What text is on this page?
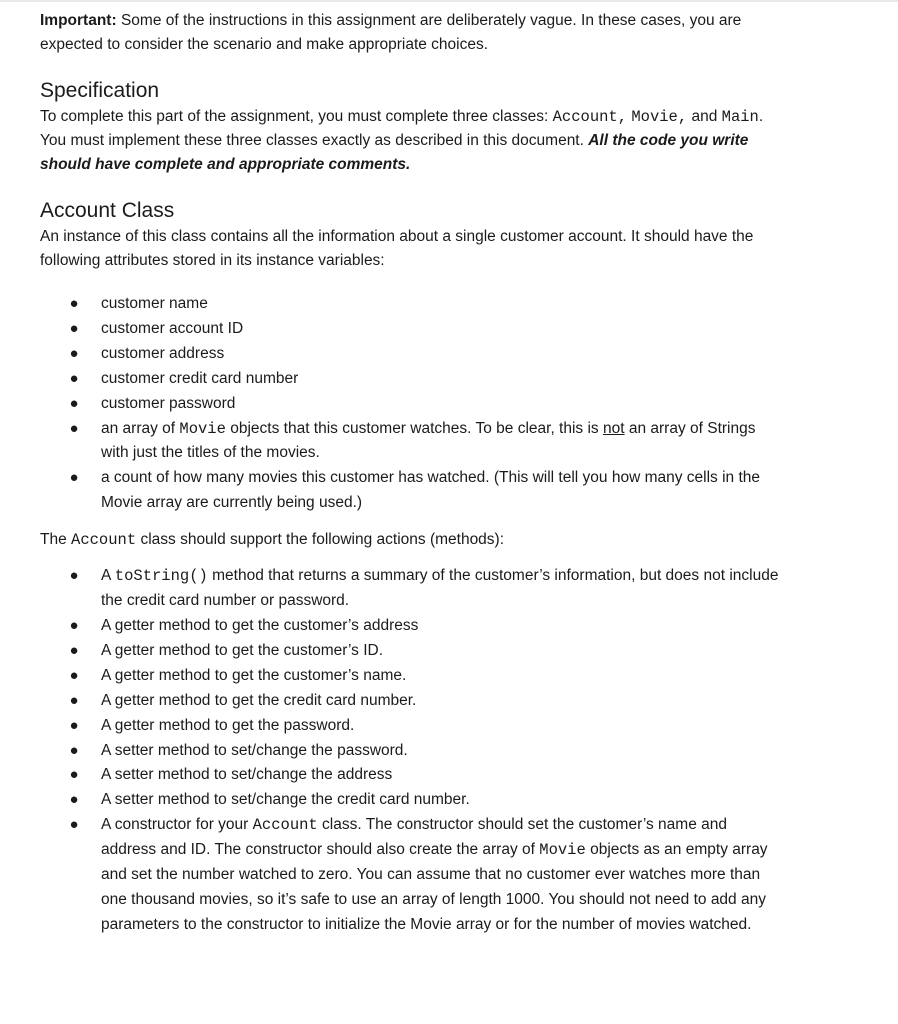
Important: Some of the instructions in this assignment are deliberately vague. In these cases, you are expected to consider the scenario and make appropriate choices.

Specification

To complete this part of the assignment, you must complete three classes: Account, Movie, and Main. You must implement these three classes exactly as described in this document. All the code you write should have complete and appropriate comments.

Account Class

An instance of this class contains all the information about a single customer account. It should have the following attributes stored in its instance variables:

● customer name
● customer account ID
● customer address
● customer credit card number
● customer password
● an array of Movie objects that this customer watches. To be clear, this is not an array of Strings with just the titles of the movies.
● a count of how many movies this customer has watched. (This will tell you how many cells in the Movie array are currently being used.)

The Account class should support the following actions (methods):

● A toString() method that returns a summary of the customer’s information, but does not include the credit card number or password.
● A getter method to get the customer’s address
● A getter method to get the customer’s ID.
● A getter method to get the customer’s name.
● A getter method to get the credit card number.
● A getter method to get the password.
● A setter method to set/change the password.
● A setter method to set/change the address
● A setter method to set/change the credit card number.
● A constructor for your Account class. The constructor should set the customer’s name and address and ID. The constructor should also create the array of Movie objects as an empty array and set the number watched to zero. You can assume that no customer ever watches more than one thousand movies, so it’s safe to use an array of length 1000. You should not need to add any parameters to the constructor to initialize the Movie array or for the number of movies watched.
